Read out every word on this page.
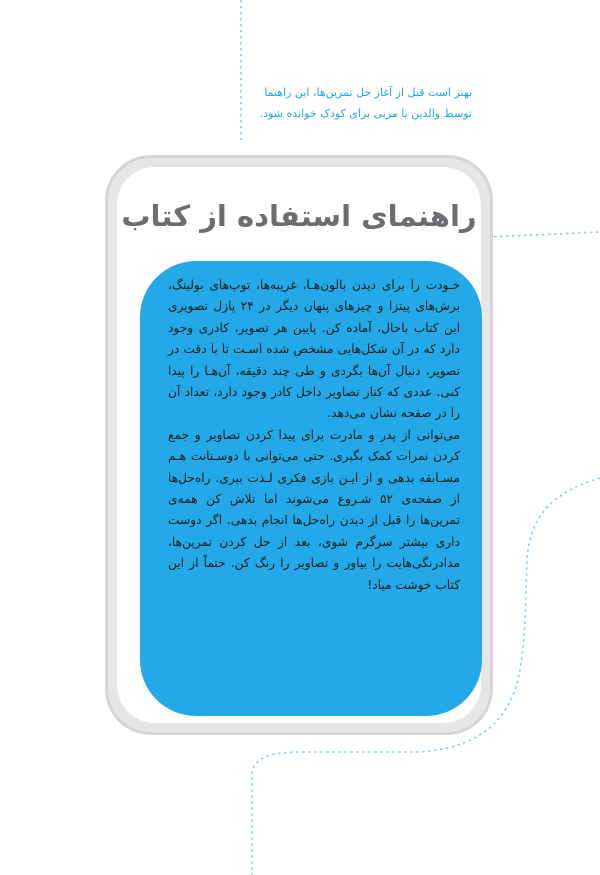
بهتر است قبل از آغاز حل تمرین‌ها، این راهنما
توسط والدین یا مربی برای کودک خوانده شود.
راهنمای استفاده از کتاب

خـودت را برای دیدن بالون‌هـا، غریبه‌ها، توپ‌های بولینگ، برش‌های پیتزا و چیزهای پنهان دیگر در ۲۴ پازل تصویری این کتاب باحال، آماده کن. پایین هر تصویر، کادری وجود دارد که در آن شکل‌هایی مشخص شده اسـت تا با دقت در تصویر، دنبال آن‌ها بگردی و طی چند دقیقه، آن‌هـا را پیدا کنی. عددی که کنار تصاویر داخل کادر وجود دارد، تعداد آن را در صفحه نشان می‌دهد.

می‌توانی از پدر و مادرت برای پیدا کردن تصاویر و جمع کردن نمرات کمک بگیری. حتی می‌توانی با دوسـتانت هـم مسـابقه بدهی و از ایـن بازی فکری لـذت ببری. راه‌حل‌ها از صفحه‌ی ۵۲ شـروع می‌شوند اما تلاش کن همه‌ی تمرین‌ها را قبل از دیدن راه‌حل‌ها انجام بدهی. اگر دوست داری بیشتر سرگرم شوی، بعد از حل کردن تمرین‌ها، مدادرنگی‌هایت را بیاور و تصاویر را رنگ کن. حتماً از این کتاب خوشت میاد!
